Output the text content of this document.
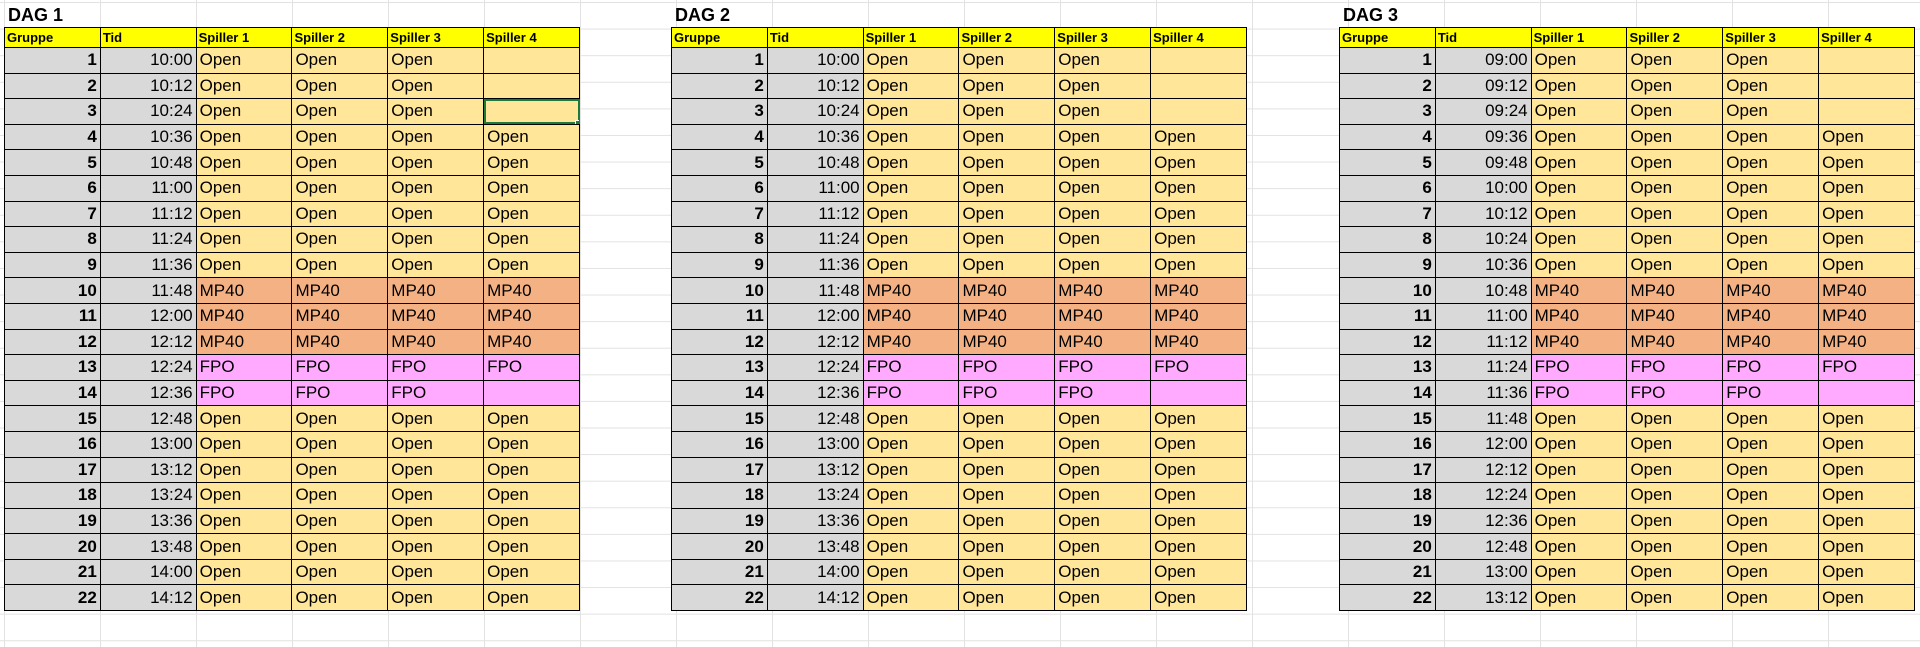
DAG 1
Gruppe	Tid	Spiller 1	Spiller 2	Spiller 3	Spiller 4
1	10:00	Open	Open	Open	
2	10:12	Open	Open	Open	
3	10:24	Open	Open	Open	

4	10:36	Open	Open	Open	Open
5	10:48	Open	Open	Open	Open
6	11:00	Open	Open	Open	Open
7	11:12	Open	Open	Open	Open
8	11:24	Open	Open	Open	Open
9	11:36	Open	Open	Open	Open
10	11:48	MP40	MP40	MP40	MP40
11	12:00	MP40	MP40	MP40	MP40
12	12:12	MP40	MP40	MP40	MP40
13	12:24	FPO	FPO	FPO	FPO
14	12:36	FPO	FPO	FPO	
15	12:48	Open	Open	Open	Open
16	13:00	Open	Open	Open	Open
17	13:12	Open	Open	Open	Open
18	13:24	Open	Open	Open	Open
19	13:36	Open	Open	Open	Open
20	13:48	Open	Open	Open	Open
21	14:00	Open	Open	Open	Open
22	14:12	Open	Open	Open	Open
DAG 2
Gruppe	Tid	Spiller 1	Spiller 2	Spiller 3	Spiller 4
1	10:00	Open	Open	Open	
2	10:12	Open	Open	Open	
3	10:24	Open	Open	Open	
4	10:36	Open	Open	Open	Open
5	10:48	Open	Open	Open	Open
6	11:00	Open	Open	Open	Open
7	11:12	Open	Open	Open	Open
8	11:24	Open	Open	Open	Open
9	11:36	Open	Open	Open	Open
10	11:48	MP40	MP40	MP40	MP40
11	12:00	MP40	MP40	MP40	MP40
12	12:12	MP40	MP40	MP40	MP40
13	12:24	FPO	FPO	FPO	FPO
14	12:36	FPO	FPO	FPO	
15	12:48	Open	Open	Open	Open
16	13:00	Open	Open	Open	Open
17	13:12	Open	Open	Open	Open
18	13:24	Open	Open	Open	Open
19	13:36	Open	Open	Open	Open
20	13:48	Open	Open	Open	Open
21	14:00	Open	Open	Open	Open
22	14:12	Open	Open	Open	Open
DAG 3
Gruppe	Tid	Spiller 1	Spiller 2	Spiller 3	Spiller 4
1	09:00	Open	Open	Open	
2	09:12	Open	Open	Open	
3	09:24	Open	Open	Open	
4	09:36	Open	Open	Open	Open
5	09:48	Open	Open	Open	Open
6	10:00	Open	Open	Open	Open
7	10:12	Open	Open	Open	Open
8	10:24	Open	Open	Open	Open
9	10:36	Open	Open	Open	Open
10	10:48	MP40	MP40	MP40	MP40
11	11:00	MP40	MP40	MP40	MP40
12	11:12	MP40	MP40	MP40	MP40
13	11:24	FPO	FPO	FPO	FPO
14	11:36	FPO	FPO	FPO	
15	11:48	Open	Open	Open	Open
16	12:00	Open	Open	Open	Open
17	12:12	Open	Open	Open	Open
18	12:24	Open	Open	Open	Open
19	12:36	Open	Open	Open	Open
20	12:48	Open	Open	Open	Open
21	13:00	Open	Open	Open	Open
22	13:12	Open	Open	Open	Open
